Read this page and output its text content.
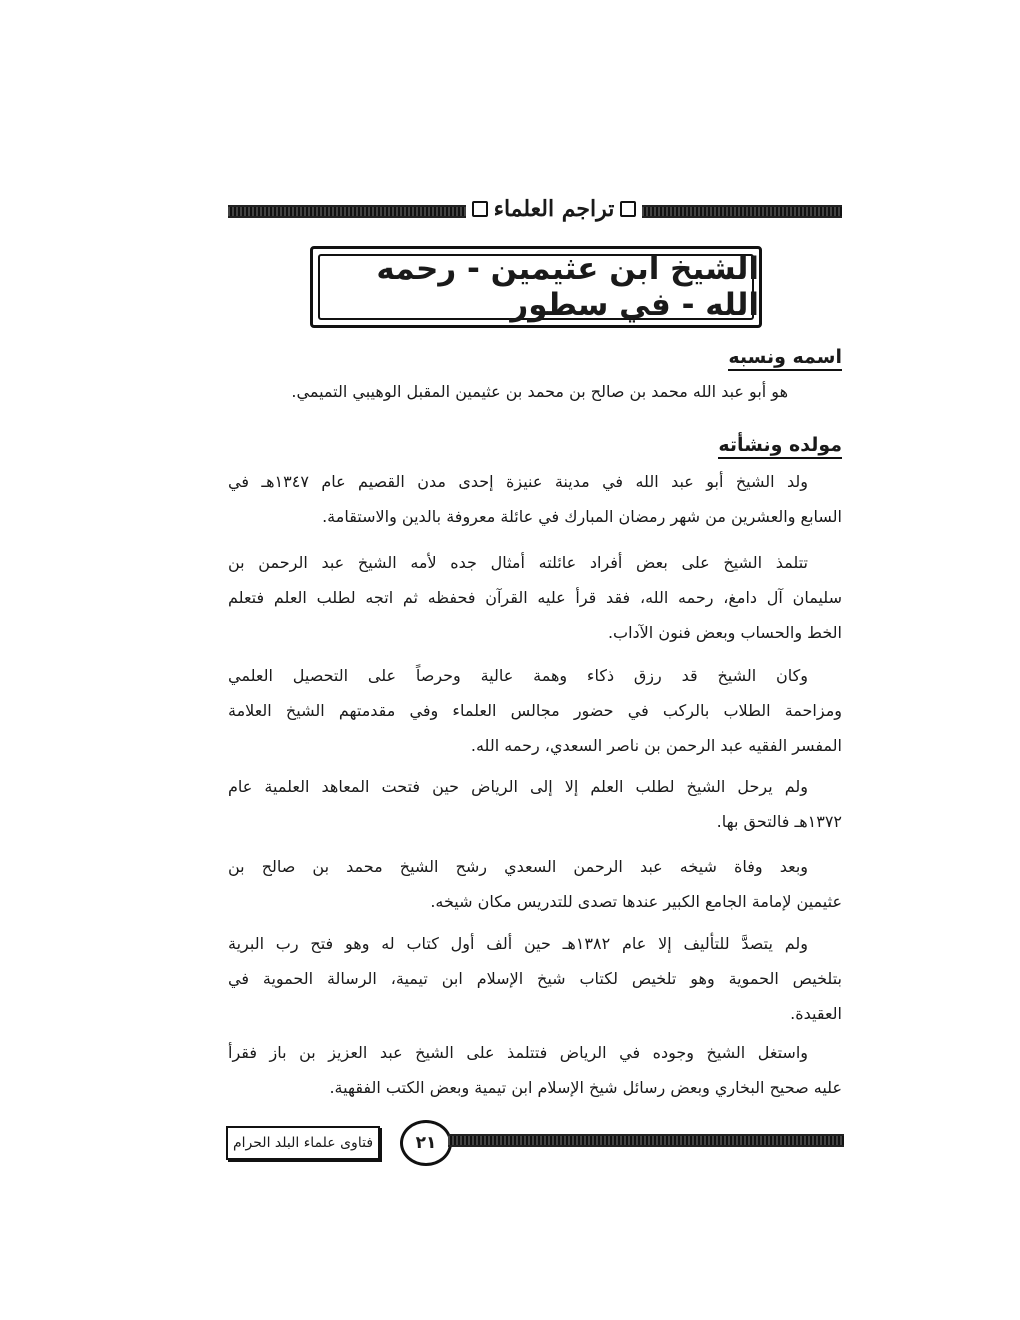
تراجم العلماء
الشيخ ابن عثيمين - رحمه الله - في سطور
اسمه ونسبه
هو أبو عبد الله محمد بن صالح بن محمد بن عثيمين المقبل الوهيبي التميمي.
مولده ونشأته
ولد الشيخ أبو عبد الله في مدينة عنيزة إحدى مدن القصيم عام ١٣٤٧هـ في
السابع والعشرين من شهر رمضان المبارك في عائلة معروفة بالدين والاستقامة.
تتلمذ الشيخ على بعض أفراد عائلته أمثال جده لأمه الشيخ عبد الرحمن بن
سليمان آل دامغ، رحمه الله، فقد قرأ عليه القرآن فحفظه ثم اتجه لطلب العلم فتعلم
الخط والحساب وبعض فنون الآداب.
وكان الشيخ قد رزق ذكاء وهمة عالية وحرصاً على التحصيل العلمي
ومزاحمة الطلاب بالركب في حضور مجالس العلماء وفي مقدمتهم الشيخ العلامة
المفسر الفقيه عبد الرحمن بن ناصر السعدي، رحمه الله.
ولم يرحل الشيخ لطلب العلم إلا إلى الرياض حين فتحت المعاهد العلمية عام
١٣٧٢هـ فالتحق بها.
وبعد وفاة شيخه عبد الرحمن السعدي رشح الشيخ محمد بن صالح بن
عثيمين لإمامة الجامع الكبير عندها تصدى للتدريس مكان شيخه.
ولم يتصدَّ للتأليف إلا عام ١٣٨٢هـ حين ألف أول كتاب له وهو فتح رب البرية
بتلخيص الحموية وهو تلخيص لكتاب شيخ الإسلام ابن تيمية، الرسالة الحموية في
العقيدة.
واستغل الشيخ وجوده في الرياض فتتلمذ على الشيخ عبد العزيز بن باز فقرأ
عليه صحيح البخاري وبعض رسائل شيخ الإسلام ابن تيمية وبعض الكتب الفقهية.
فتاوى علماء البلد الحرام	٢١
